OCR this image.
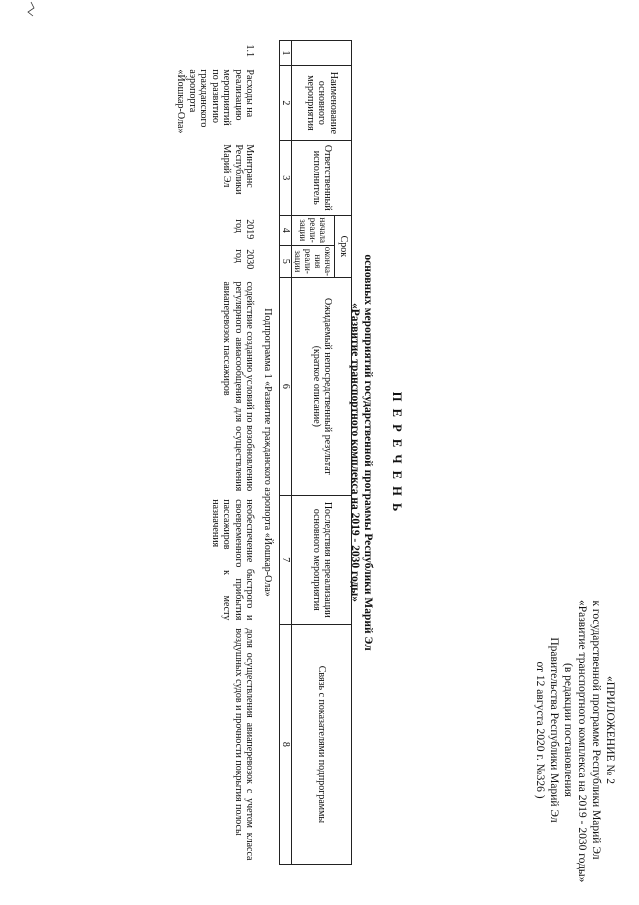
«ПРИЛОЖЕНИЕ № 2
к государственной программе Республики Марий Эл
«Развитие транспортного комплекса на 2019 - 2030 годы»
(в редакции постановления
Правительства Республики Марий Эл
от 12 августа 2020 г. №326 )
П Е Р Е Ч Е Н Ь
основных мероприятий государственной программы Республики Марий Эл
«Развитие транспортного комплекса на 2019 - 2030 годы»
	Наименование основного мероприятия	Ответственный исполнитель	Срок		Ожидаемый непосредственный результат (краткое описание)	Последствия нереализации основного мероприятия	Связь с показателями подпрограммы
			начала реали-зации	оконча-ния реали-зации			
1	2	3	4	5	6	7	8
Подпрограмма 1 «Развитие гражданского аэропорта «Йошкар-Ола»							
1.1	Расходы на реализацию мероприятий по развитию гражданского аэропорта «Йошкар-Ола»	Минтранс Республики Марий Эл	2019 год	2030 год	содействие созданию условий по возобновлению регулярного авиасообщения для осуществления авиаперевозок пассажиров	необеспечение быстрого и своевременного прибытия пассажиров к месту назначения	доля осуществления авиаперевозок с учетом класса воздушных судов и прочности покрытия полосы
